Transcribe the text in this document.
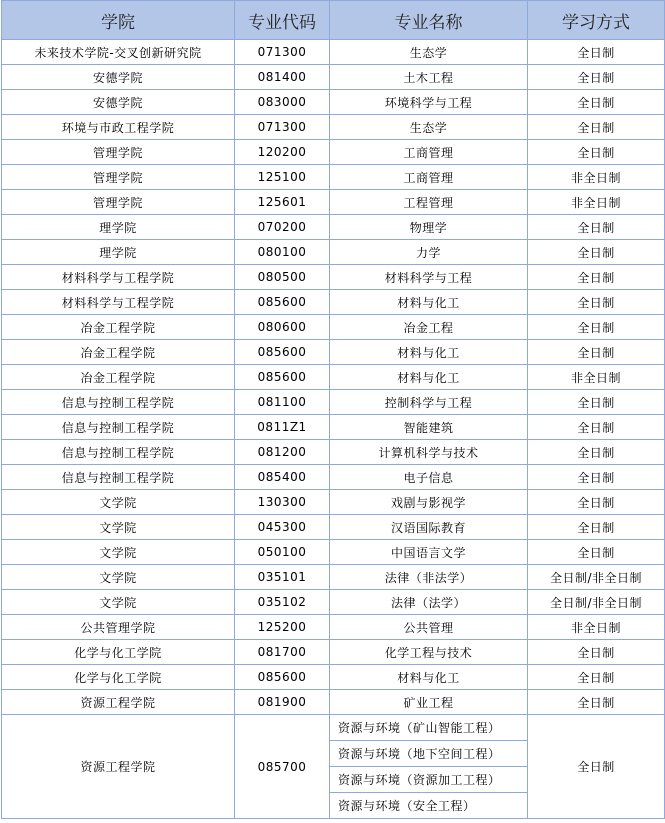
学院	专业代码	专业名称	学习方式
未来技术学院-交叉创新研究院	071300	生态学	全日制
安德学院	081400	土木工程	全日制
安德学院	083000	环境科学与工程	全日制
环境与市政工程学院	071300	生态学	全日制
管理学院	120200	工商管理	全日制
管理学院	125100	工商管理	非全日制
管理学院	125601	工程管理	非全日制
理学院	070200	物理学	全日制
理学院	080100	力学	全日制
材料科学与工程学院	080500	材料科学与工程	全日制
材料科学与工程学院	085600	材料与化工	全日制
冶金工程学院	080600	冶金工程	全日制
冶金工程学院	085600	材料与化工	全日制
冶金工程学院	085600	材料与化工	非全日制
信息与控制工程学院	081100	控制科学与工程	全日制
信息与控制工程学院	0811Z1	智能建筑	全日制
信息与控制工程学院	081200	计算机科学与技术	全日制
信息与控制工程学院	085400	电子信息	全日制
文学院	130300	戏剧与影视学	全日制
文学院	045300	汉语国际教育	全日制
文学院	050100	中国语言文学	全日制
文学院	035101	法律（非法学）	全日制/非全日制
文学院	035102	法律（法学）	全日制/非全日制
公共管理学院	125200	公共管理	非全日制
化学与化工学院	081700	化学工程与技术	全日制
化学与化工学院	085600	材料与化工	全日制
资源工程学院	081900	矿业工程	全日制
资源工程学院	085700	资源与环境（矿山智能工程）	全日制
		资源与环境（地下空间工程）	
		资源与环境（资源加工工程）	
		资源与环境（安全工程）	
